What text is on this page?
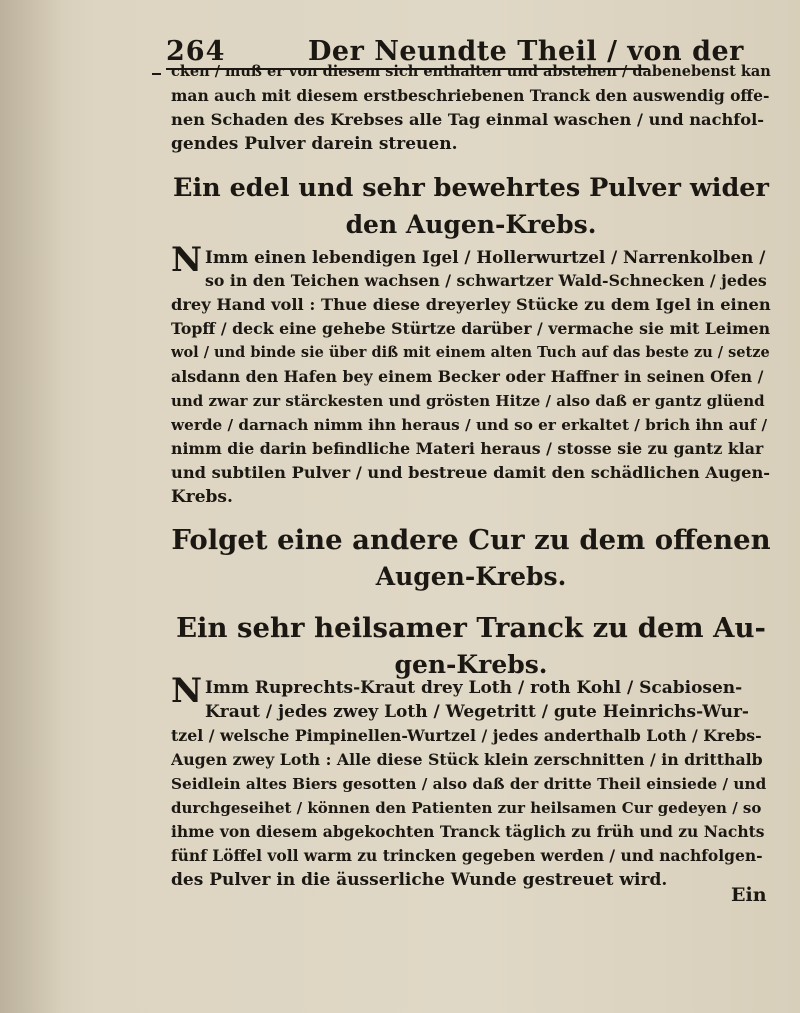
264	Der Neundte Theil / von der
cken / muß er von diesem sich enthalten und abstehen / dabenebenst kan
man auch mit diesem erstbeschriebenen Tranck den auswendig offe-
nen Schaden des Krebses alle Tag einmal waschen / und nachfol-
gendes Pulver darein streuen.
Ein edel und sehr bewehrtes Pulver wider
den Augen-Krebs.
N Imm einen lebendigen Igel / Hollerwurtzel / Narrenkolben /
so in den Teichen wachsen / schwartzer Wald-Schnecken / jedes
drey Hand voll : Thue diese dreyerley Stücke zu dem Igel in einen
Topff / deck eine gehebe Stürtze darüber / vermache sie mit Leimen
wol / und binde sie über diß mit einem alten Tuch auf das beste zu / setze
alsdann den Hafen bey einem Becker oder Haffner in seinen Ofen /
und zwar zur stärckesten und grösten Hitze / also daß er gantz glüend
werde / darnach nimm ihn heraus / und so er erkaltet / brich ihn auf /
nimm die darin befindliche Materi heraus / stosse sie zu gantz klar
und subtilen Pulver / und bestreue damit den schädlichen Augen-
Krebs.
Folget eine andere Cur zu dem offenen
Augen-Krebs.
Ein sehr heilsamer Tranck zu dem Au-
gen-Krebs.
N Imm Ruprechts-Kraut drey Loth / roth Kohl / Scabiosen-
Kraut / jedes zwey Loth / Wegetritt / gute Heinrichs-Wur-
tzel / welsche Pimpinellen-Wurtzel / jedes anderthalb Loth / Krebs-
Augen zwey Loth : Alle diese Stück klein zerschnitten / in dritthalb
Seidlein altes Biers gesotten / also daß der dritte Theil einsiede / und
durchgeseihet / können den Patienten zur heilsamen Cur gedeyen / so
ihme von diesem abgekochten Tranck täglich zu früh und zu Nachts
fünf Löffel voll warm zu trincken gegeben werden / und nachfolgen-
des Pulver in die äusserliche Wunde gestreuet wird.
Ein
